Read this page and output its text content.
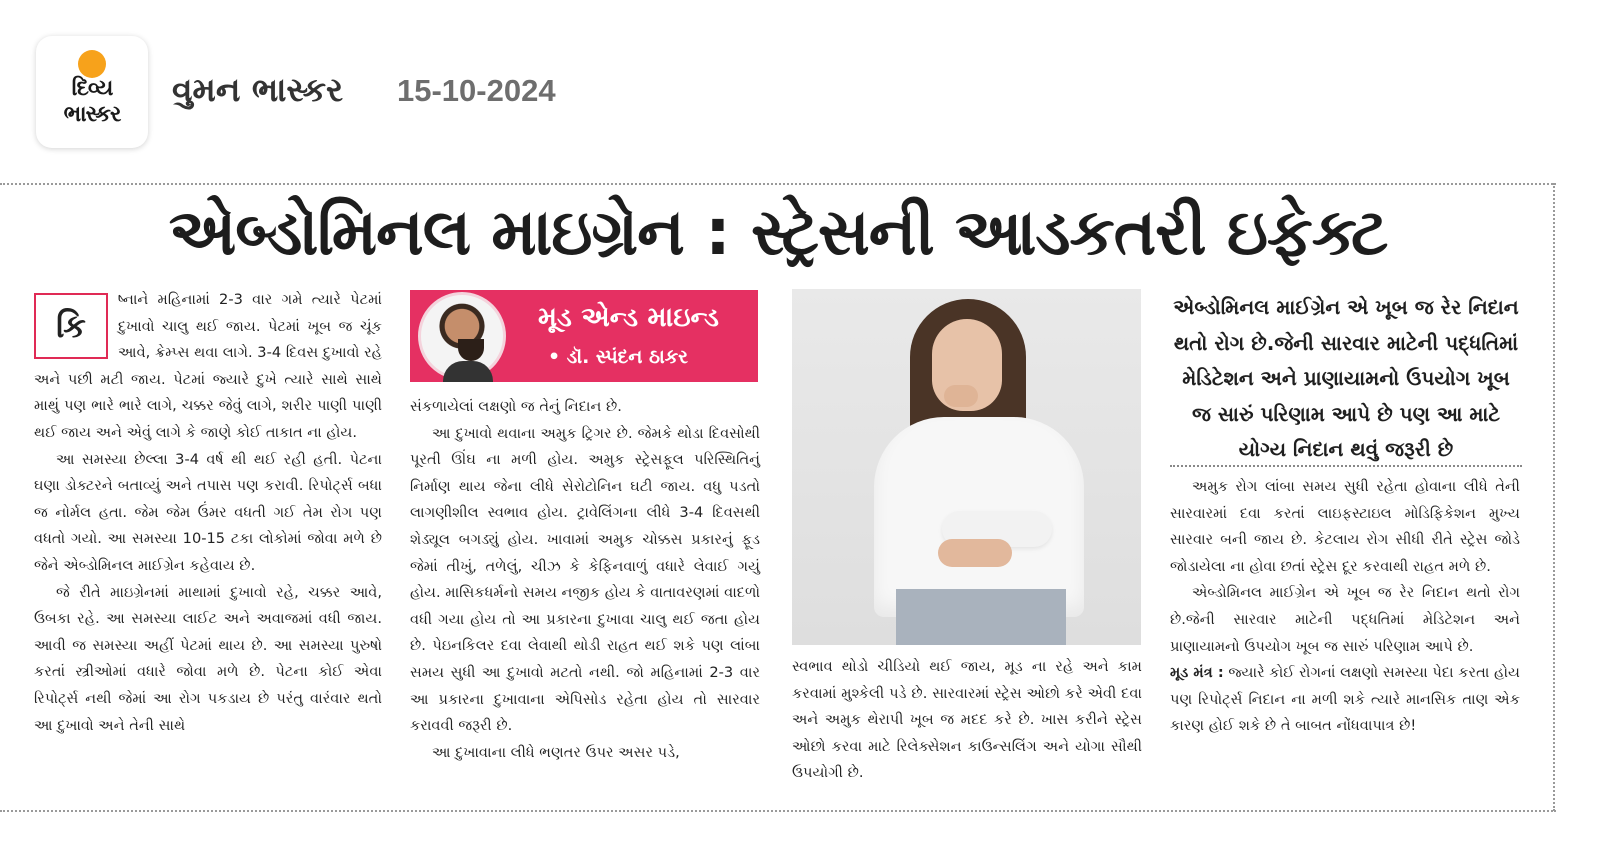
દિવ્ય
ભાસ્કર
વુમન ભાસ્કર 15-10-2024
એબ્ડોમિનલ માઇગ્રેન : સ્ટ્રેસની આડકતરી ઇફેક્ટ
કિ

ષ્નાને મહિનામાં 2-3 વાર ગમે ત્યારે પેટમાં દુખાવો ચાલુ થઈ જાય. પેટમાં ખૂબ જ ચૂંક આવે, ક્રેમ્પ્સ થવા લાગે. 3-4 દિવસ દુખાવો રહે અને પછી મટી જાય. પેટમાં જ્યારે દુખે ત્યારે સાથે સાથે માથું પણ ભારે ભારે લાગે, ચક્કર જેવું લાગે, શરીર પાણી પાણી થઈ જાય અને એવું લાગે કે જાણે કોઈ તાકાત ના હોય.

આ સમસ્યા છેલ્લા 3-4 વર્ષ થી થઈ રહી હતી. પેટના ઘણા ડોક્ટરને બતાવ્યું અને તપાસ પણ કરાવી. રિપોર્ટ્સ બધા જ નોર્મલ હતા. જેમ જેમ ઉંમર વધતી ગઈ તેમ રોગ પણ વધતો ગયો. આ સમસ્યા 10-15 ટકા લોકોમાં જોવા મળે છે જેને એબ્ડોમિનલ માઈગ્રેન કહેવાય છે.

જે રીતે માઇગ્રેનમાં માથામાં દુખાવો રહે, ચક્કર આવે, ઉબકા રહે. આ સમસ્યા લાઈટ અને અવાજમાં વધી જાય. આવી જ સમસ્યા અહીં પેટમાં થાય છે. આ સમસ્યા પુરુષો કરતાં સ્ત્રીઓમાં વધારે જોવા મળે છે. પેટના કોઈ એવા રિપોર્ટ્સ નથી જેમાં આ રોગ પકડાય છે પરંતુ વારંવાર થતો આ દુખાવો અને તેની સાથે

મૂડ એન્ડ માઇન્ડ
• ડૉ. સ્પંદન ઠાકર

સંકળાયેલાં લક્ષણો જ તેનું નિદાન છે.

આ દુખાવો થવાના અમુક ટ્રિગર છે. જેમકે થોડા દિવસોથી પૂરતી ઊંઘ ના મળી હોય. અમુક સ્ટ્રેસફૂલ પરિસ્થિતિનું નિર્માણ થાય જેના લીધે સેરોટોનિન ઘટી જાય. વધુ પડતો લાગણીશીલ સ્વભાવ હોય. ટ્રાવેલિંગના લીધે 3-4 દિવસથી શેડ્યૂલ બગડ્યું હોય. ખાવામાં અમુક ચોક્કસ પ્રકારનું ફૂડ જેમાં તીખું, તળેલું, ચીઝ કે કેફિનવાળું વધારે લેવાઈ ગયું હોય. માસિકધર્મનો સમય નજીક હોય કે વાતાવરણમાં વાદળો વધી ગયા હોય તો આ પ્રકારના દુખાવા ચાલુ થઈ જતા હોય છે. પેઇનકિલર દવા લેવાથી થોડી રાહત થઈ શકે પણ લાંબા સમય સુધી આ દુખાવો મટતો નથી. જો મહિનામાં 2-3 વાર આ પ્રકારના દુખાવાના એપિસોડ રહેતા હોય તો સારવાર કરાવવી જરૂરી છે.

આ દુખાવાના લીધે ભણતર ઉપર અસર પડે,

સ્વભાવ થોડો ચીડિયો થઈ જાય, મૂડ ના રહે અને કામ કરવામાં મુશ્કેલી પડે છે. સારવારમાં સ્ટ્રેસ ઓછો કરે એવી દવા અને અમુક થેરાપી ખૂબ જ મદદ કરે છે. ખાસ કરીને સ્ટ્રેસ ઓછો કરવા માટે રિલેક્સેશન કાઉન્સલિંગ અને યોગા સૌથી ઉપયોગી છે.

એબ્ડોમિનલ માઈગ્રેન એ ખૂબ જ રેર નિદાન થતો રોગ છે.જેની સારવાર માટેની પદ્ધતિમાં મેડિટેશન અને પ્રાણાયામનો ઉપયોગ ખૂબ જ સારું પરિણામ આપે છે પણ આ માટે યોગ્ય નિદાન થવું જરૂરી છે

અમુક રોગ લાંબા સમય સુધી રહેતા હોવાના લીધે તેની સારવારમાં દવા કરતાં લાઇફસ્ટાઇલ મોડિફિકેશન મુખ્ય સારવાર બની જાય છે. કેટલાય રોગ સીધી રીતે સ્ટ્રેસ જોડે જોડાયેલા ના હોવા છતાં સ્ટ્રેસ દૂર કરવાથી રાહત મળે છે.

એબ્ડોમિનલ માઈગ્રેન એ ખૂબ જ રેર નિદાન થતો રોગ છે.જેની સારવાર માટેની પદ્ધતિમાં મેડિટેશન અને પ્રાણાયામનો ઉપયોગ ખૂબ જ સારું પરિણામ આપે છે.

મૂડ મંત્ર : જ્યારે કોઈ રોગનાં લક્ષણો સમસ્યા પેદા કરતા હોય પણ રિપોર્ટ્સ નિદાન ના મળી શકે ત્યારે માનસિક તાણ એક કારણ હોઈ શકે છે તે બાબત નોંધવાપાત્ર છે!
